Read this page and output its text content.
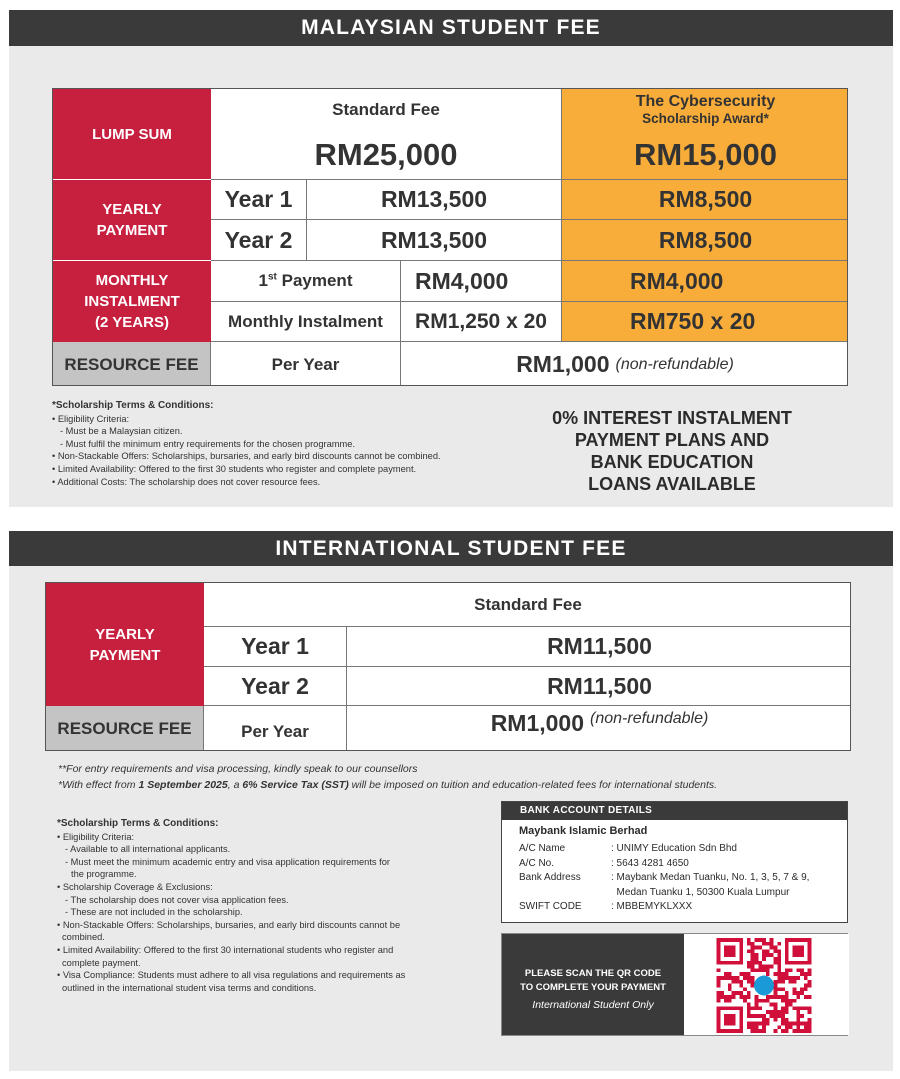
MALAYSIAN STUDENT FEE
LUMP SUM
Standard Fee	The Cybersecurity
Scholarship Award*
RM25,000	RM15,000
YEARLY
PAYMENT
Year 1	RM13,500	RM8,500
Year 2	RM13,500	RM8,500
MONTHLY
INSTALMENT
(2 YEARS)
1st Payment	RM4,000	RM4,000
Monthly Instalment RM1,250 x 20	RM750 x 20
RESOURCE FEE	Per Year	RM1,000 (non-refundable)
*Scholarship Terms & Conditions:
• Eligibility Criteria:
- Must be a Malaysian citizen.
- Must fulfil the minimum entry requirements for the chosen programme.
• Non-Stackable Offers: Scholarships, bursaries, and early bird discounts cannot be combined.
• Limited Availability: Offered to the first 30 students who register and complete payment.
• Additional Costs: The scholarship does not cover resource fees.
0% INTEREST INSTALMENT
PAYMENT PLANS AND
BANK EDUCATION
LOANS AVAILABLE
INTERNATIONAL STUDENT FEE
YEARLY
PAYMENT
Standard Fee
Year 1	RM11,500
Year 2	RM11,500
RESOURCE FEE	Per Year	RM1,000 (non-refundable)
**For entry requirements and visa processing, kindly speak to our counsellors
*With effect from 1 September 2025, a 6% Service Tax (SST) will be imposed on tuition and education-related fees for international students.
*Scholarship Terms & Conditions:
• Eligibility Criteria:
- Available to all international applicants.
- Must meet the minimum academic entry and visa application requirements for
the programme.
• Scholarship Coverage & Exclusions:
- The scholarship does not cover visa application fees.
- These are not included in the scholarship.
• Non-Stackable Offers: Scholarships, bursaries, and early bird discounts cannot be
combined.
• Limited Availability: Offered to the first 30 international students who register and
complete payment.
• Visa Compliance: Students must adhere to all visa regulations and requirements as
outlined in the international student visa terms and conditions.
BANK ACCOUNT DETAILS
Maybank Islamic Berhad
A/C Name	: UNIMY Education Sdn Bhd
A/C No.	: 5643 4281 4650
Bank Address	: Maybank Medan Tuanku, No. 1, 3, 5, 7 & 9,
Medan Tuanku 1, 50300 Kuala Lumpur
SWIFT CODE	: MBBEMYKLXXX
PLEASE SCAN THE QR CODE
TO COMPLETE YOUR PAYMENT
International Student Only
